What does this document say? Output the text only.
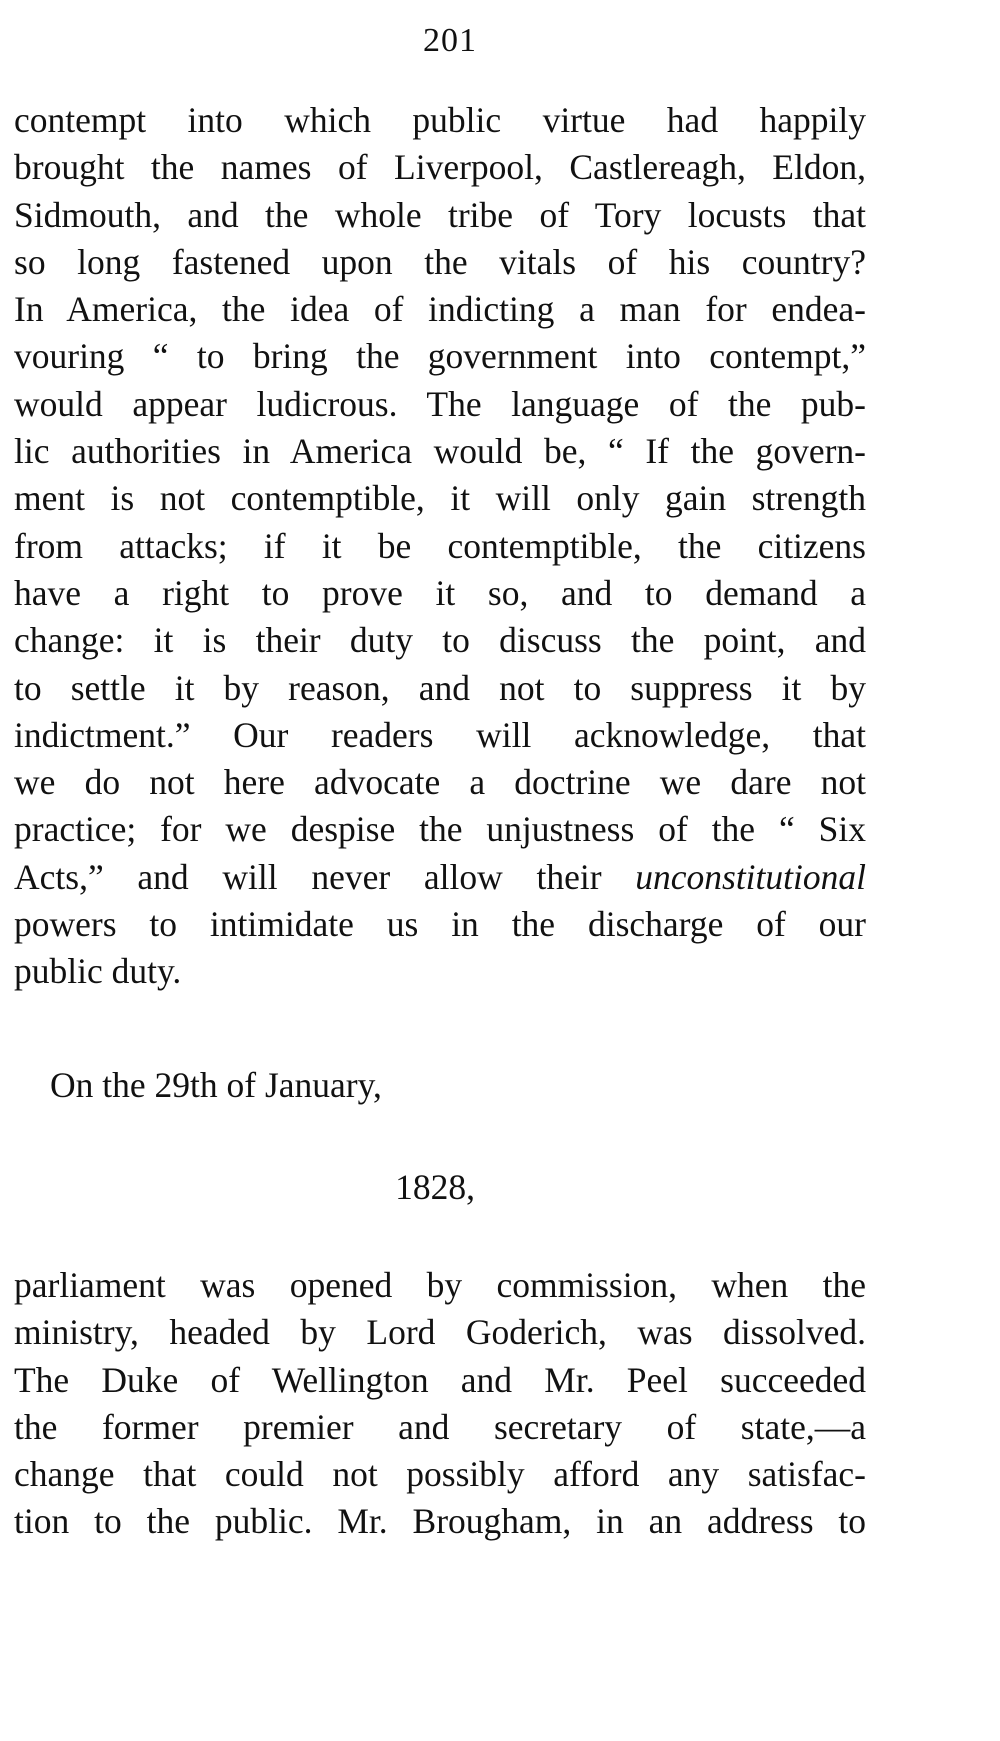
201
contempt into which public virtue had happily
brought the names of Liverpool, Castlereagh, Eldon,
Sidmouth, and the whole tribe of Tory locusts that
so long fastened upon the vitals of his country?
In America, the idea of indicting a man for endea-
vouring “ to bring the government into contempt,”
would appear ludicrous. The language of the pub-
lic authorities in America would be, “ If the govern-
ment is not contemptible, it will only gain strength
from attacks; if it be contemptible, the citizens
have a right to prove it so, and to demand a
change: it is their duty to discuss the point, and
to settle it by reason, and not to suppress it by
indictment.” Our readers will acknowledge, that
we do not here advocate a doctrine we dare not
practice; for we despise the unjustness of the “ Six
Acts,” and will never allow their unconstitutional
powers to intimidate us in the discharge of our
public duty.
On the 29th of January,
1828,
parliament was opened by commission, when the
ministry, headed by Lord Goderich, was dissolved.
The Duke of Wellington and Mr. Peel succeeded
the former premier and secretary of state,—a
change that could not possibly afford any satisfac-
tion to the public. Mr. Brougham, in an address to
